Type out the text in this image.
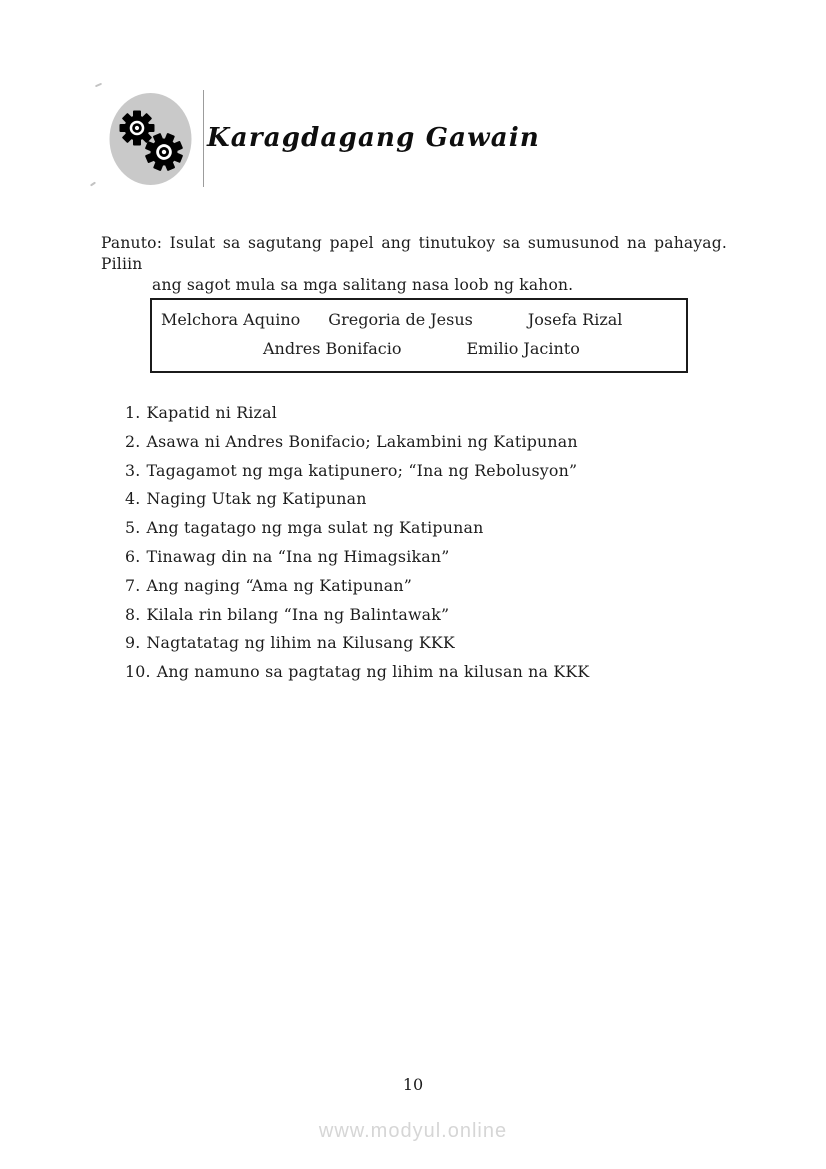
Karagdagang Gawain
Panuto: Isulat sa sagutang papel ang tinutukoy sa sumusunod na pahayag. Piliin
ang sagot mula sa mga salitang nasa loob ng kahon.
Melchora Aquino Gregoria de Jesus	Josefa Rizal
Andres Bonifacio	Emilio Jacinto
1. Kapatid ni Rizal
2. Asawa ni Andres Bonifacio; Lakambini ng Katipunan
3. Tagagamot ng mga katipunero; “Ina ng Rebolusyon”
4. Naging Utak ng Katipunan
5. Ang tagatago ng mga sulat ng Katipunan
6. Tinawag din na “Ina ng Himagsikan”
7. Ang naging “Ama ng Katipunan”
8. Kilala rin bilang “Ina ng Balintawak”
9. Nagtatatag ng lihim na Kilusang KKK
10. Ang namuno sa pagtatag ng lihim na kilusan na KKK
10
www.modyul.online
